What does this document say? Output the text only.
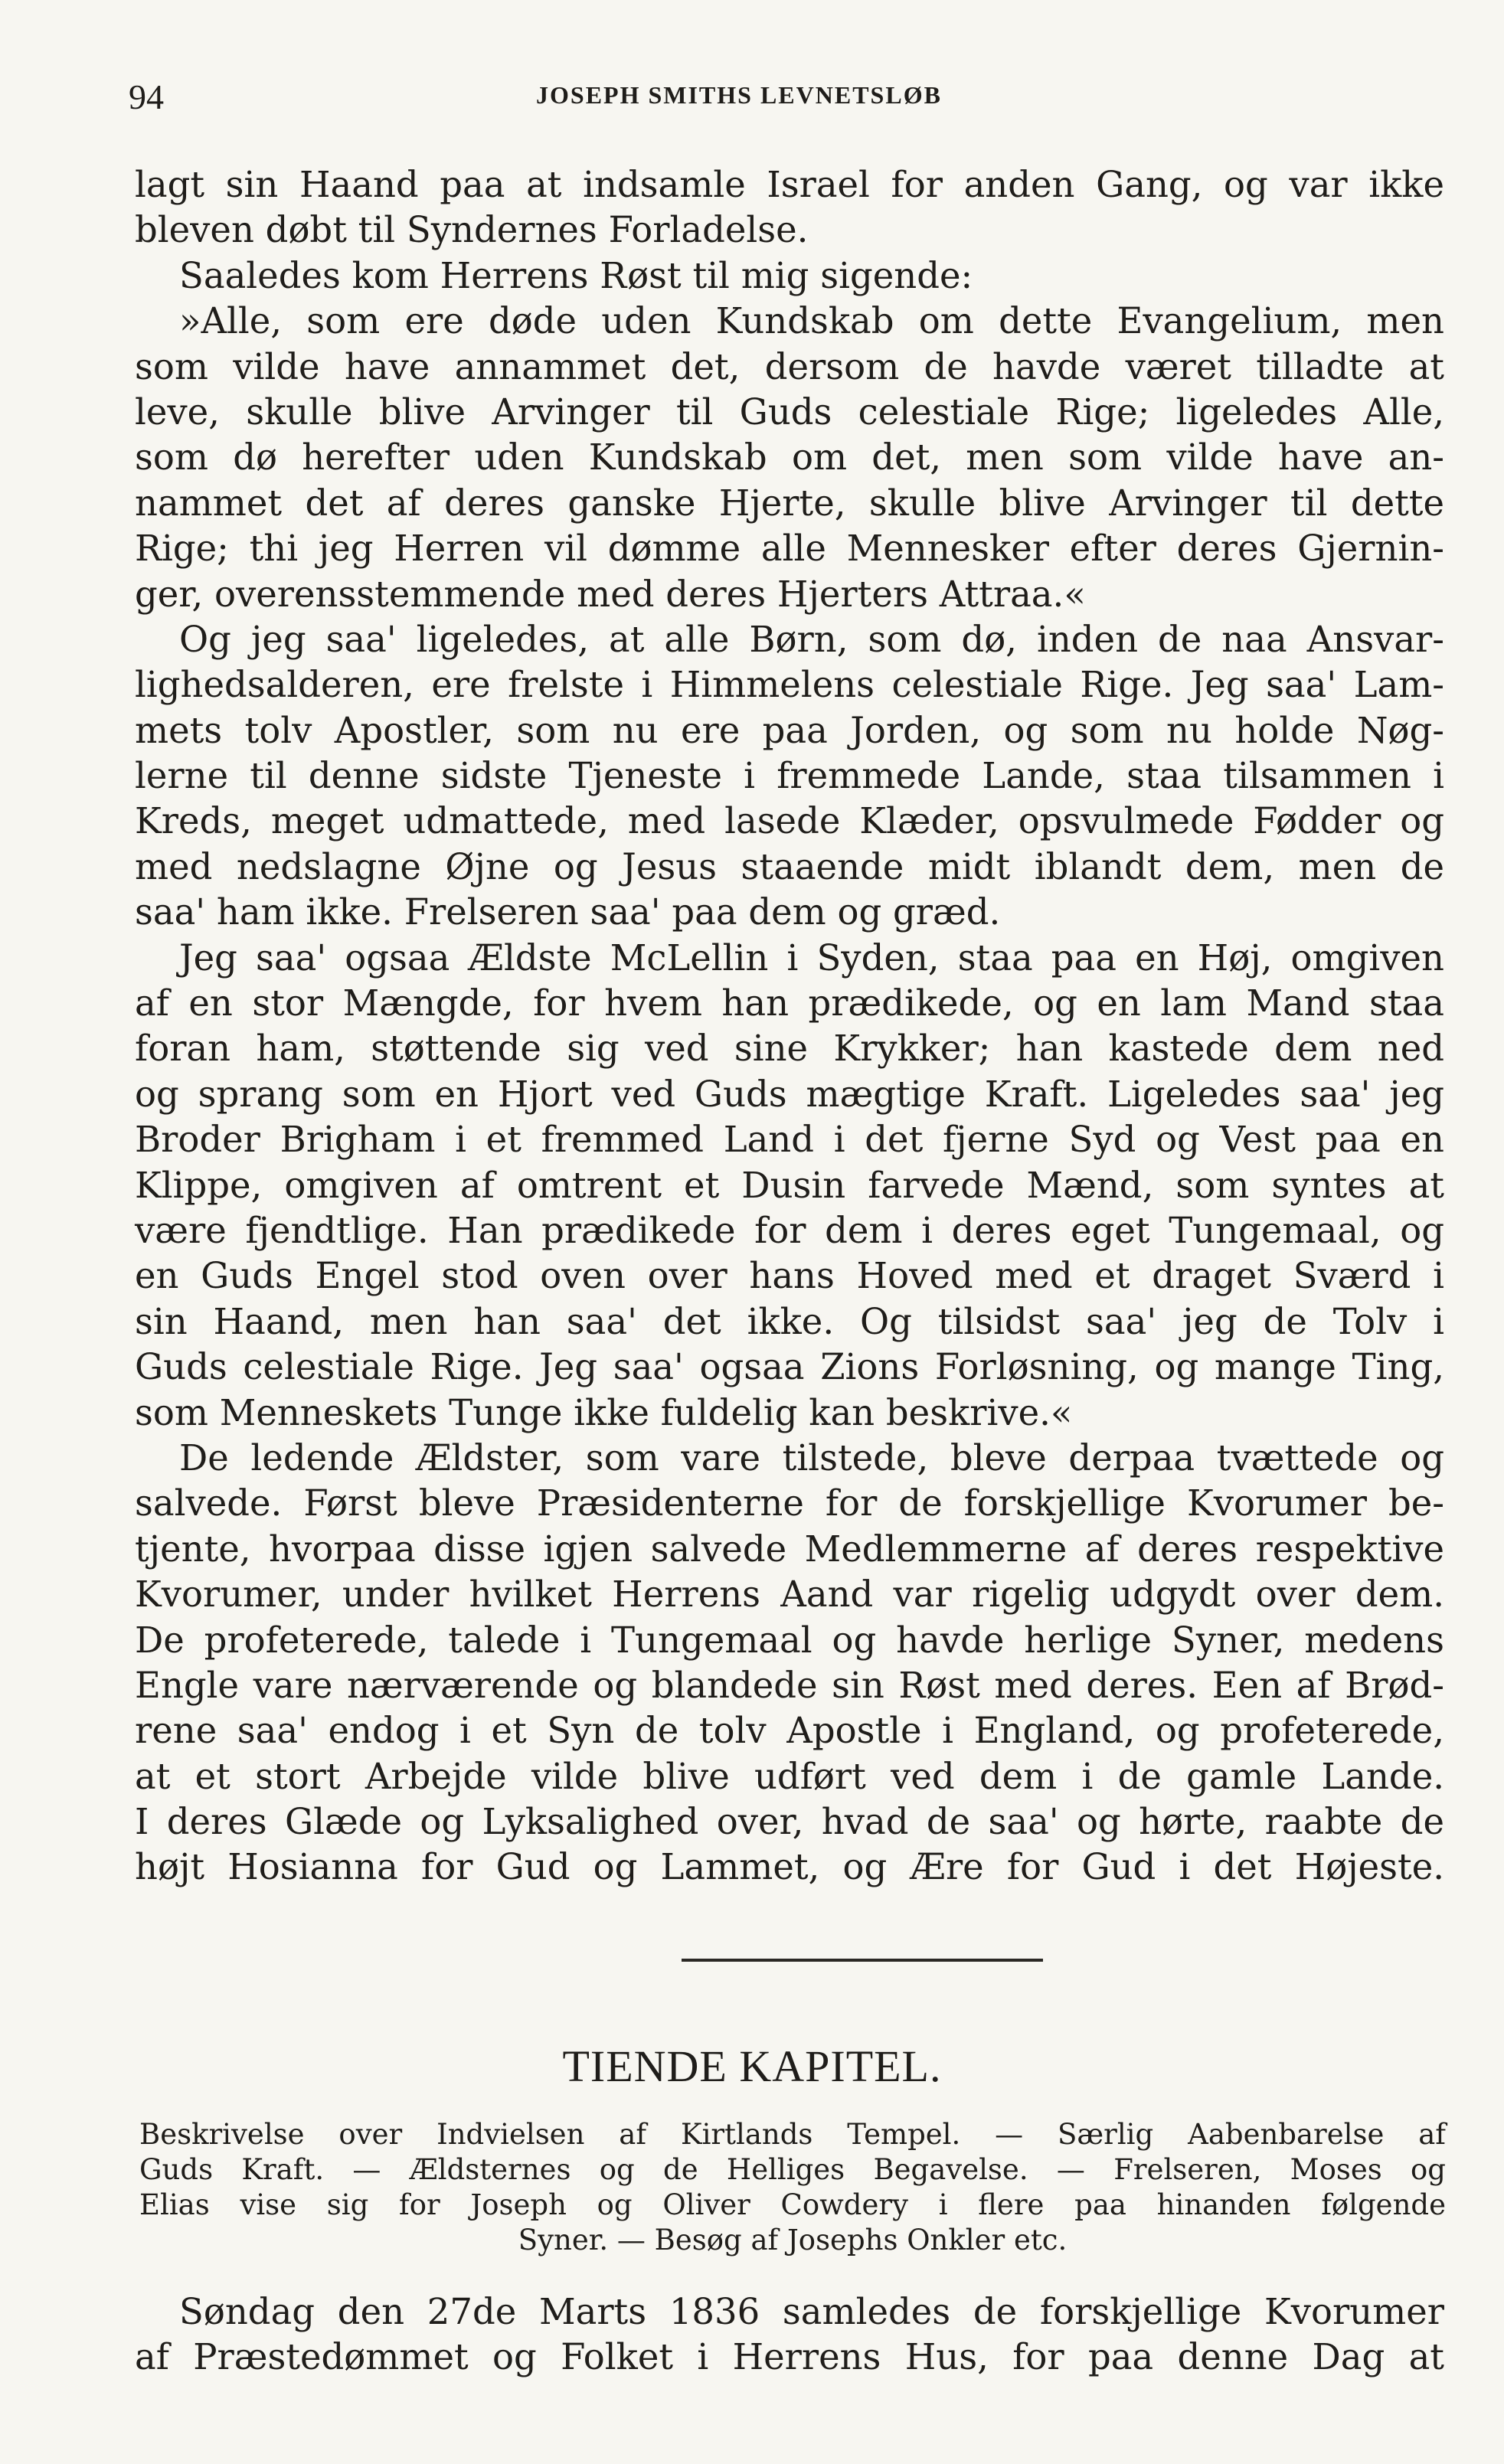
94	JOSEPH SMITHS LEVNETSLØB
lagt sin Haand paa at indsamle Israel for anden Gang, og var ikke
bleven døbt til Syndernes Forladelse.
Saaledes kom Herrens Røst til mig sigende:
»Alle, som ere døde uden Kundskab om dette Evangelium, men
som vilde have annammet det, dersom de havde været tilladte at
leve, skulle blive Arvinger til Guds celestiale Rige; ligeledes Alle,
som dø herefter uden Kundskab om det, men som vilde have an-
nammet det af deres ganske Hjerte, skulle blive Arvinger til dette
Rige; thi jeg Herren vil dømme alle Mennesker efter deres Gjernin-
ger, overensstemmende med deres Hjerters Attraa.«
Og jeg saa' ligeledes, at alle Børn, som dø, inden de naa Ansvar-
lighedsalderen, ere frelste i Himmelens celestiale Rige. Jeg saa' Lam-
mets tolv Apostler, som nu ere paa Jorden, og som nu holde Nøg-
lerne til denne sidste Tjeneste i fremmede Lande, staa tilsammen i
Kreds, meget udmattede, med lasede Klæder, opsvulmede Fødder og
med nedslagne Øjne og Jesus staaende midt iblandt dem, men de
saa' ham ikke. Frelseren saa' paa dem og græd.
Jeg saa' ogsaa Ældste McLellin i Syden, staa paa en Høj, omgiven
af en stor Mængde, for hvem han prædikede, og en lam Mand staa
foran ham, støttende sig ved sine Krykker; han kastede dem ned
og sprang som en Hjort ved Guds mægtige Kraft. Ligeledes saa' jeg
Broder Brigham i et fremmed Land i det fjerne Syd og Vest paa en
Klippe, omgiven af omtrent et Dusin farvede Mænd, som syntes at
være fjendtlige. Han prædikede for dem i deres eget Tungemaal, og
en Guds Engel stod oven over hans Hoved med et draget Sværd i
sin Haand, men han saa' det ikke. Og tilsidst saa' jeg de Tolv i
Guds celestiale Rige. Jeg saa' ogsaa Zions Forløsning, og mange Ting,
som Menneskets Tunge ikke fuldelig kan beskrive.«
De ledende Ældster, som vare tilstede, bleve derpaa tvættede og
salvede. Først bleve Præsidenterne for de forskjellige Kvorumer be-
tjente, hvorpaa disse igjen salvede Medlemmerne af deres respektive
Kvorumer, under hvilket Herrens Aand var rigelig udgydt over dem.
De profeterede, talede i Tungemaal og havde herlige Syner, medens
Engle vare nærværende og blandede sin Røst med deres. Een af Brød-
rene saa' endog i et Syn de tolv Apostle i England, og profeterede,
at et stort Arbejde vilde blive udført ved dem i de gamle Lande.
I deres Glæde og Lyksalighed over, hvad de saa' og hørte, raabte de
højt Hosianna for Gud og Lammet, og Ære for Gud i det Højeste.
TIENDE KAPITEL.
Beskrivelse over Indvielsen af Kirtlands Tempel. — Særlig Aabenbarelse af
Guds Kraft. — Ældsternes og de Helliges Begavelse. — Frelseren, Moses og
Elias vise sig for Joseph og Oliver Cowdery i flere paa hinanden følgende
Syner. — Besøg af Josephs Onkler etc.
Søndag den 27de Marts 1836 samledes de forskjellige Kvorumer
af Præstedømmet og Folket i Herrens Hus, for paa denne Dag at
